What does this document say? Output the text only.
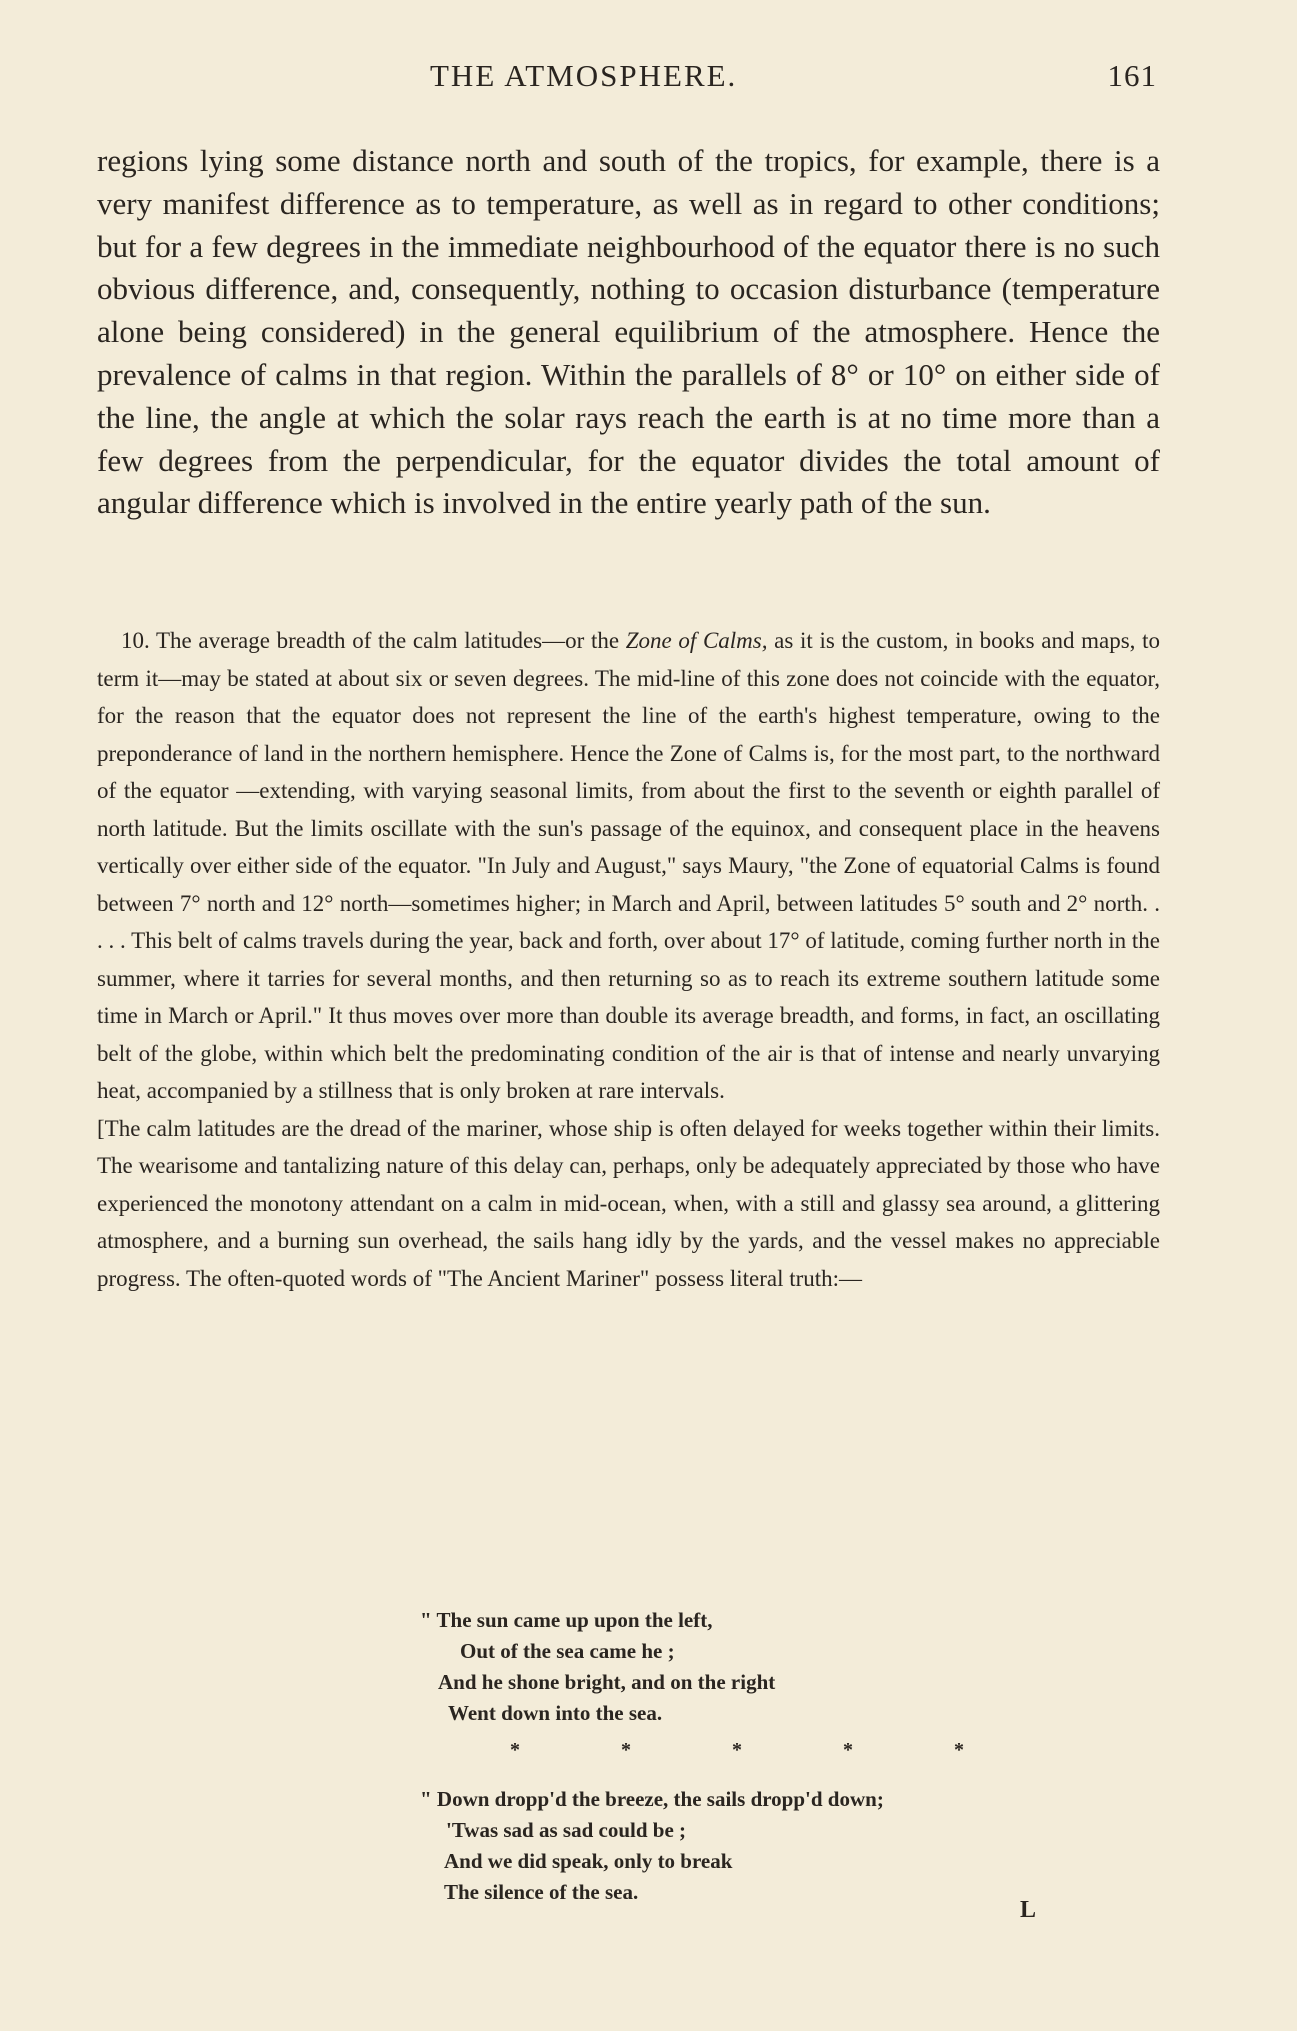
THE ATMOSPHERE.	161

regions lying some distance north and south of the tropics, for example, there is a very manifest difference as to temperature, as well as in regard to other conditions; but for a few degrees in the immediate neighbourhood of the equator there is no such obvious difference, and, consequently, nothing to occasion disturbance (temperature alone being considered) in the general equilibrium of the atmosphere. Hence the prevalence of calms in that region. Within the parallels of 8° or 10° on either side of the line, the angle at which the solar rays reach the earth is at no time more than a few degrees from the perpendicular, for the equator divides the total amount of angular difference which is involved in the entire yearly path of the sun.

10. The average breadth of the calm latitudes—or the Zone of Calms, as it is the custom, in books and maps, to term it—may be stated at about six or seven degrees. The mid-line of this zone does not coincide with the equator, for the reason that the equator does not represent the line of the earth's highest temperature, owing to the preponderance of land in the northern hemisphere. Hence the Zone of Calms is, for the most part, to the northward of the equator —extending, with varying seasonal limits, from about the first to the seventh or eighth parallel of north latitude. But the limits oscillate with the sun's passage of the equinox, and consequent place in the heavens vertically over either side of the equator. "In July and August," says Maury, "the Zone of equatorial Calms is found between 7° north and 12° north—sometimes higher; in March and April, between latitudes 5° south and 2° north. . . . . This belt of calms travels during the year, back and forth, over about 17° of latitude, coming further north in the summer, where it tarries for several months, and then returning so as to reach its extreme southern latitude some time in March or April." It thus moves over more than double its average breadth, and forms, in fact, an oscillating belt of the globe, within which belt the predominating condition of the air is that of intense and nearly unvarying heat, accompanied by a stillness that is only broken at rare intervals.

[The calm latitudes are the dread of the mariner, whose ship is often delayed for weeks together within their limits. The wearisome and tantalizing nature of this delay can, perhaps, only be adequately appreciated by those who have experienced the monotony attendant on a calm in mid-ocean, when, with a still and glassy sea around, a glittering atmosphere, and a burning sun overhead, the sails hang idly by the yards, and the vessel makes no appreciable progress. The often-quoted words of "The Ancient Mariner" possess literal truth:—

" The sun came up upon the left,
Out of the sea came he ;
And he shone bright, and on the right
Went down into the sea.
* * * * *
" Down dropp'd the breeze, the sails dropp'd down;
'Twas sad as sad could be ;
And we did speak, only to break
The silence of the sea.
L
